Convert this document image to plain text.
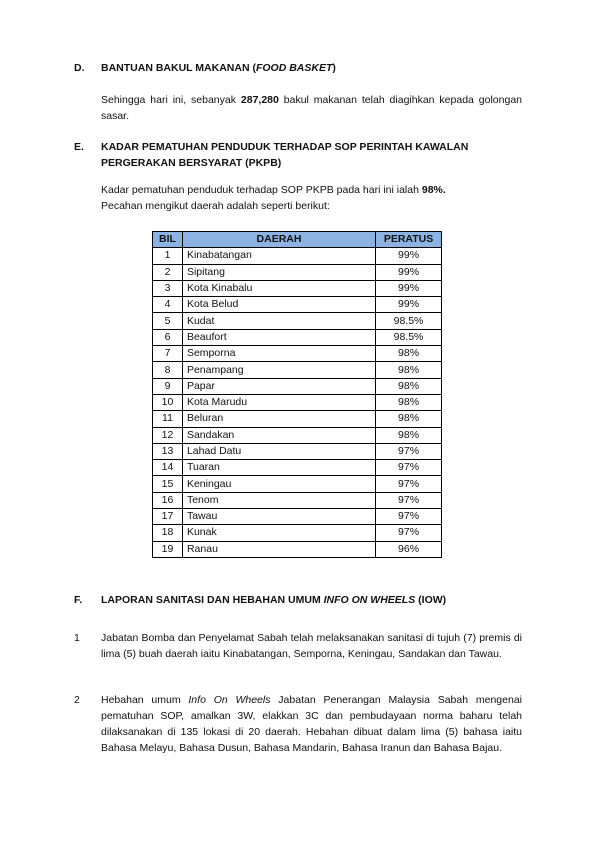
D. BANTUAN BAKUL MAKANAN (FOOD BASKET)
Sehingga hari ini, sebanyak 287,280 bakul makanan telah diagihkan kepada golongan sasar.
E. KADAR PEMATUHAN PENDUDUK TERHADAP SOP PERINTAH KAWALAN PERGERAKAN BERSYARAT (PKPB)
Kadar pematuhan penduduk terhadap SOP PKPB pada hari ini ialah 98%.
Pecahan mengikut daerah adalah seperti berikut:
BIL	DAERAH	PERATUS
1	Kinabatangan	99%
2	Sipitang	99%
3	Kota Kinabalu	99%
4	Kota Belud	99%
5	Kudat	98.5%
6	Beaufort	98.5%
7	Semporna	98%
8	Penampang	98%
9	Papar	98%
10	Kota Marudu	98%
11	Beluran	98%
12	Sandakan	98%
13	Lahad Datu	97%
14	Tuaran	97%
15	Keningau	97%
16	Tenom	97%
17	Tawau	97%
18	Kunak	97%
19	Ranau	96%
F. LAPORAN SANITASI DAN HEBAHAN UMUM INFO ON WHEELS (IOW)
1 Jabatan Bomba dan Penyelamat Sabah telah melaksanakan sanitasi di tujuh (7) premis di lima (5) buah daerah iaitu Kinabatangan, Semporna, Keningau, Sandakan dan Tawau.
2 Hebahan umum Info On Wheels Jabatan Penerangan Malaysia Sabah mengenai pematuhan SOP, amalkan 3W, elakkan 3C dan pembudayaan norma baharu telah dilaksanakan di 135 lokasi di 20 daerah. Hebahan dibuat dalam lima (5) bahasa iaitu Bahasa Melayu, Bahasa Dusun, Bahasa Mandarin, Bahasa Iranun dan Bahasa Bajau.
